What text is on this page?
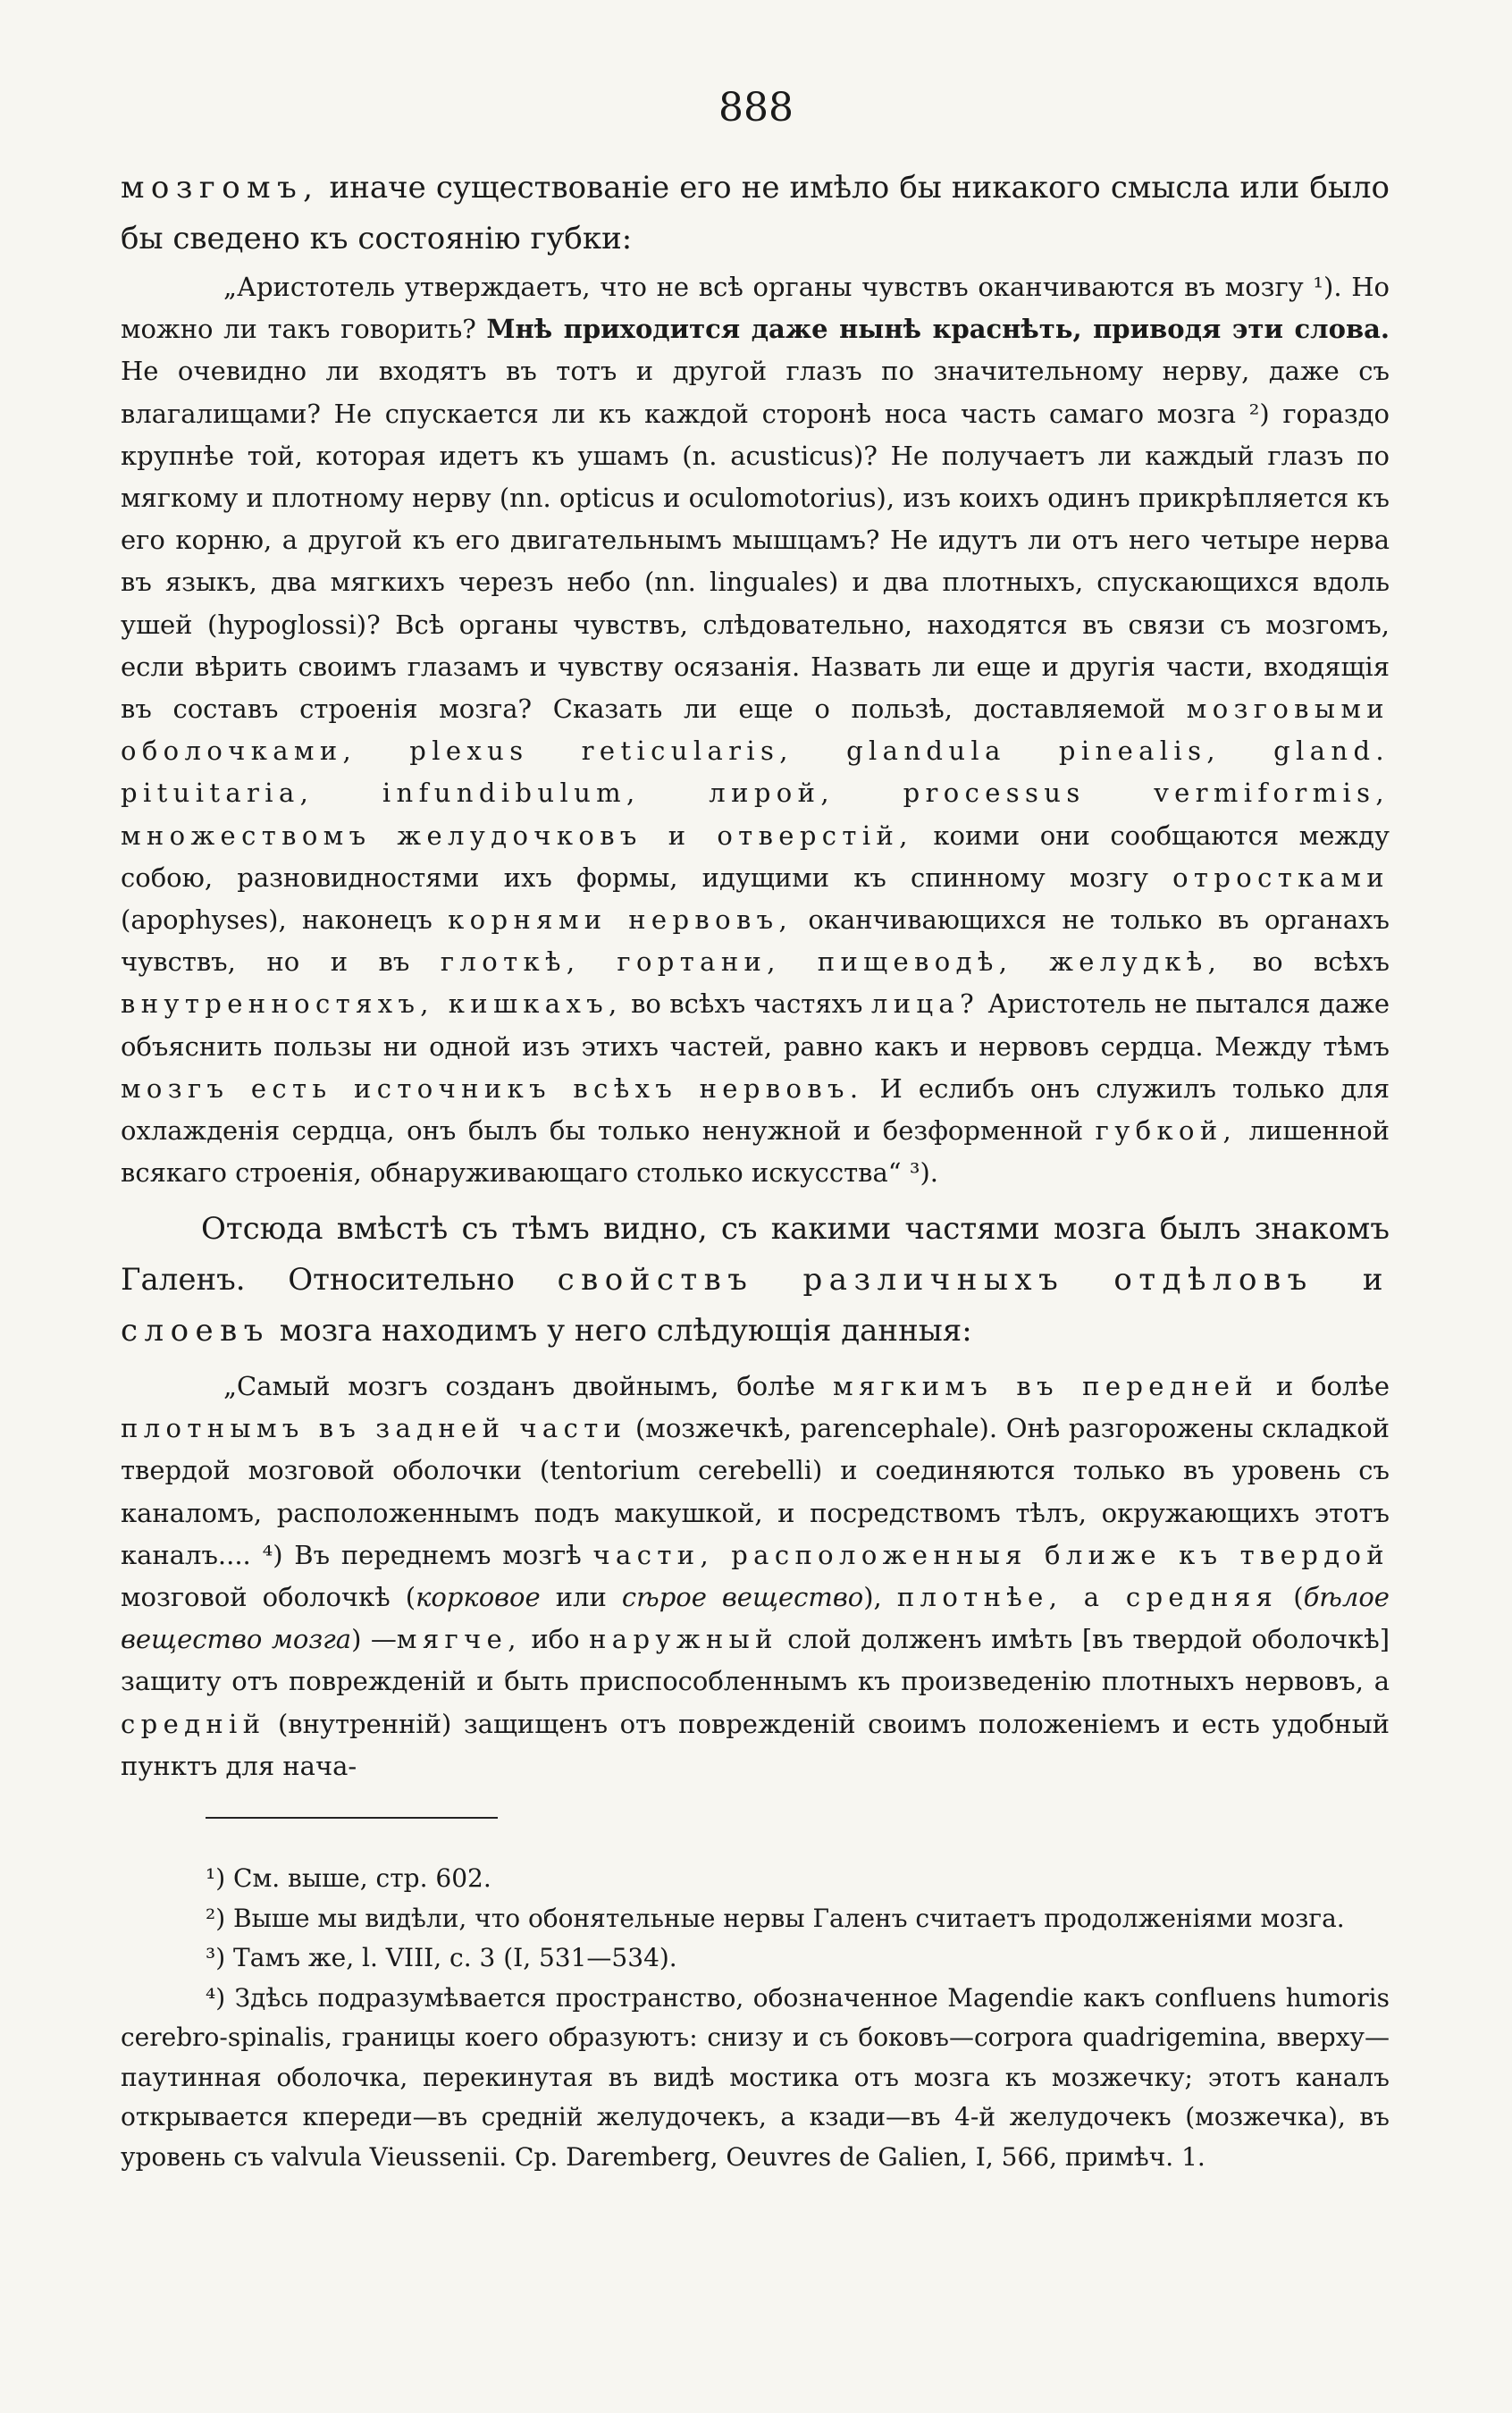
888

мозгомъ, иначе существованіе его не имѣло бы никакого смысла или было бы сведено къ состоянію губки:

„Аристотель утверждаетъ, что не всѣ органы чувствъ оканчиваются въ мозгу ¹). Но можно ли такъ говорить? Мнѣ приходится даже нынѣ краснѣть, приводя эти слова. Не очевидно ли входятъ въ тотъ и другой глазъ по значительному нерву, даже съ влагалищами? Не спускается ли къ каждой сторонѣ носа часть самаго мозга ²) гораздо крупнѣе той, которая идетъ къ ушамъ (n. acusticus)? Не получаетъ ли каждый глазъ по мягкому и плотному нерву (nn. opticus и oculomotorius), изъ коихъ одинъ прикрѣпляется къ его корню, а другой къ его двигательнымъ мышцамъ? Не идутъ ли отъ него четыре нерва въ языкъ, два мягкихъ черезъ небо (nn. linguales) и два плотныхъ, спускающихся вдоль ушей (hypoglossi)? Всѣ органы чувствъ, слѣдовательно, находятся въ связи съ мозгомъ, если вѣрить своимъ глазамъ и чувству осязанія. Назвать ли еще и другія части, входящія въ составъ строенія мозга? Сказать ли еще о пользѣ, доставляемой мозговыми оболочками, plexus reticularis, glandula pinealis, gland. pituitaria, infundibulum, лирой, processus vermiformis, множествомъ желудочковъ и отверстій, коими они сообщаются между собою, разновидностями ихъ формы, идущими къ спинному мозгу отростками (apophyses), наконецъ корнями нервовъ, оканчивающихся не только въ органахъ чувствъ, но и въ глоткѣ, гортани, пищеводѣ, желудкѣ, во всѣхъ внутренностяхъ, кишкахъ, во всѣхъ частяхъ лица? Аристотель не пытался даже объяснить пользы ни одной изъ этихъ частей, равно какъ и нервовъ сердца. Между тѣмъ мозгъ есть источникъ всѣхъ нервовъ. И еслибъ онъ служилъ только для охлажденія сердца, онъ былъ бы только ненужной и безформенной губкой, лишенной всякаго строенія, обнаруживающаго столько искусства“ ³).

Отсюда вмѣстѣ съ тѣмъ видно, съ какими частями мозга былъ знакомъ Галенъ. Относительно свойствъ различныхъ отдѣловъ и слоевъ мозга находимъ у него слѣдующія данныя:

„Самый мозгъ созданъ двойнымъ, болѣе мягкимъ въ передней и болѣе плотнымъ въ задней части (мозжечкѣ, parencephale). Онѣ разгорожены складкой твердой мозговой оболочки (tentorium cerebelli) и соединяются только въ уровень съ каналомъ, расположеннымъ подъ макушкой, и посредствомъ тѣлъ, окружающихъ этотъ каналъ.... ⁴) Въ переднемъ мозгѣ части, расположенныя ближе къ твердой мозговой оболочкѣ (корковое или сѣрое вещество), плотнѣе, а средняя (бѣлое вещество мозга) —мягче, ибо наружный слой долженъ имѣть [въ твердой оболочкѣ] защиту отъ поврежденій и быть приспособленнымъ къ произведенію плотныхъ нервовъ, а средній (внутренній) защищенъ отъ поврежденій своимъ положеніемъ и есть удобный пунктъ для нача-

¹) См. выше, стр. 602.
²) Выше мы видѣли, что обонятельные нервы Галенъ считаетъ продолженіями мозга.
³) Тамъ же, l. VIII, c. 3 (I, 531—534).
⁴) Здѣсь подразумѣвается пространство, обозначенное Magendie какъ confluens humoris cerebro-spinalis, границы коего образуютъ: снизу и съ боковъ—corpora quadrigemina, вверху—паутинная оболочка, перекинутая въ видѣ мостика отъ мозга къ мозжечку; этотъ каналъ открывается кпереди—въ средній желудочекъ, а кзади—въ 4-й желудочекъ (мозжечка), въ уровень съ valvula Vieussenii. Cp. Daremberg, Oeuvres de Galien, I, 566, примѣч. 1.
